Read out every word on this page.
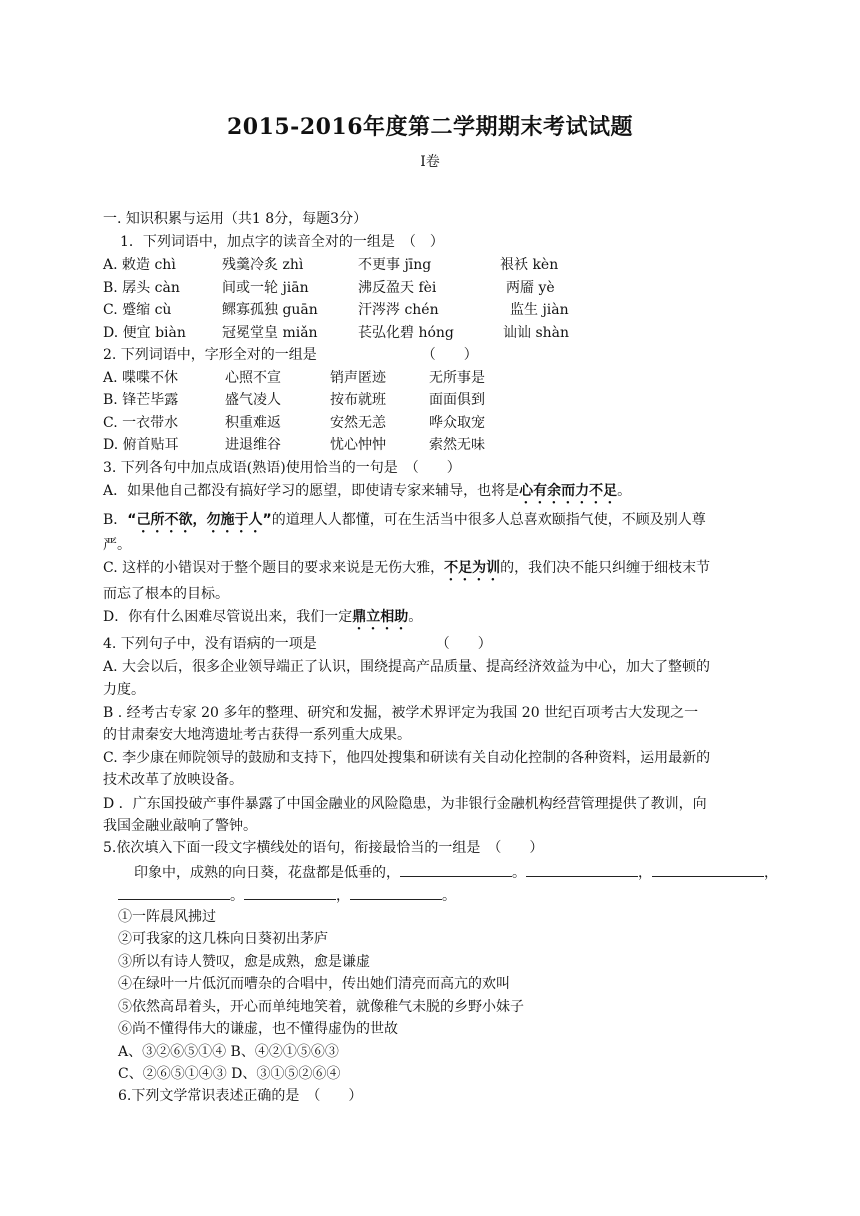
2015-2016年度第二学期期末考试试题
I卷
一. 知识积累与运用（共1 8分，每题3分）
1．下列词语中，加点字的读音全对的一组是　（　）
A. 敕造 chì	残羹冷炙 zhì	不更事 jīng	裉袄 kèn
B. 孱头 càn	间或一轮 jiān	沸反盈天 fèi	两靥 yè
C. 蹙缩 cù	鳏寡孤独 guān	汗涔涔 chén	监生 jiàn
D. 便宜 biàn	冠冕堂皇 miǎn	苌弘化碧 hóng	讪讪 shàn
2. 下列词语中，字形全对的一组是　　　　　　　　（　　）
A. 喋喋不休	心照不宣	销声匿迹	无所事是
B. 锋芒毕露	盛气凌人	按布就班	面面俱到
C. 一衣带水	积重难返	安然无恙	哗众取宠
D. 俯首贴耳	进退维谷	忧心忡忡	索然无味
3. 下列各句中加点成语(熟语)使用恰当的一句是　（　　）
A．如果他自己都没有搞好学习的愿望，即使请专家来辅导，也将是心有余而力不足。
B．“己所不欲，勿施于人”的道理人人都懂，可在生活当中很多人总喜欢颐指气使，不顾及别人尊
严。
C. 这样的小错误对于整个题目的要求来说是无伤大雅，不足为训的，我们决不能只纠缠于细枝末节
而忘了根本的目标。
D．你有什么困难尽管说出来，我们一定鼎立相助。
4. 下列句子中，没有语病的一项是　　　　　　　　　（　　）
A. 大会以后，很多企业领导端正了认识，围绕提高产品质量、提高经济效益为中心，加大了整顿的
力度。
B . 经考古专家 20 多年的整理、研究和发掘，被学术界评定为我国 20 世纪百项考古大发现之一
的甘肃秦安大地湾遗址考古获得一系列重大成果。
C. 李少康在师院领导的鼓励和支持下，他四处搜集和研读有关自动化控制的各种资料，运用最新的
技术改革了放映设备。
D ．广东国投破产事件暴露了中国金融业的风险隐患，为非银行金融机构经营管理提供了教训，向
我国金融业敲响了警钟。
5.依次填入下面一段文字横线处的语句，衔接最恰当的一组是　（　　）
印象中，成熟的向日葵，花盘都是低垂的，	。	，	，
。	，	。
①一阵晨风拂过
②可我家的这几株向日葵初出茅庐
③所以有诗人赞叹，愈是成熟，愈是谦虚
④在绿叶一片低沉而嘈杂的合唱中，传出她们清亮而高亢的欢叫
⑤依然高昂着头，开心而单纯地笑着，就像稚气未脱的乡野小妹子
⑥尚不懂得伟大的谦虚，也不懂得虚伪的世故
A、③②⑥⑤①④ B、④②①⑤⑥③
C、②⑥⑤①④③ D、③①⑤②⑥④
6.下列文学常识表述正确的是　（　　）
